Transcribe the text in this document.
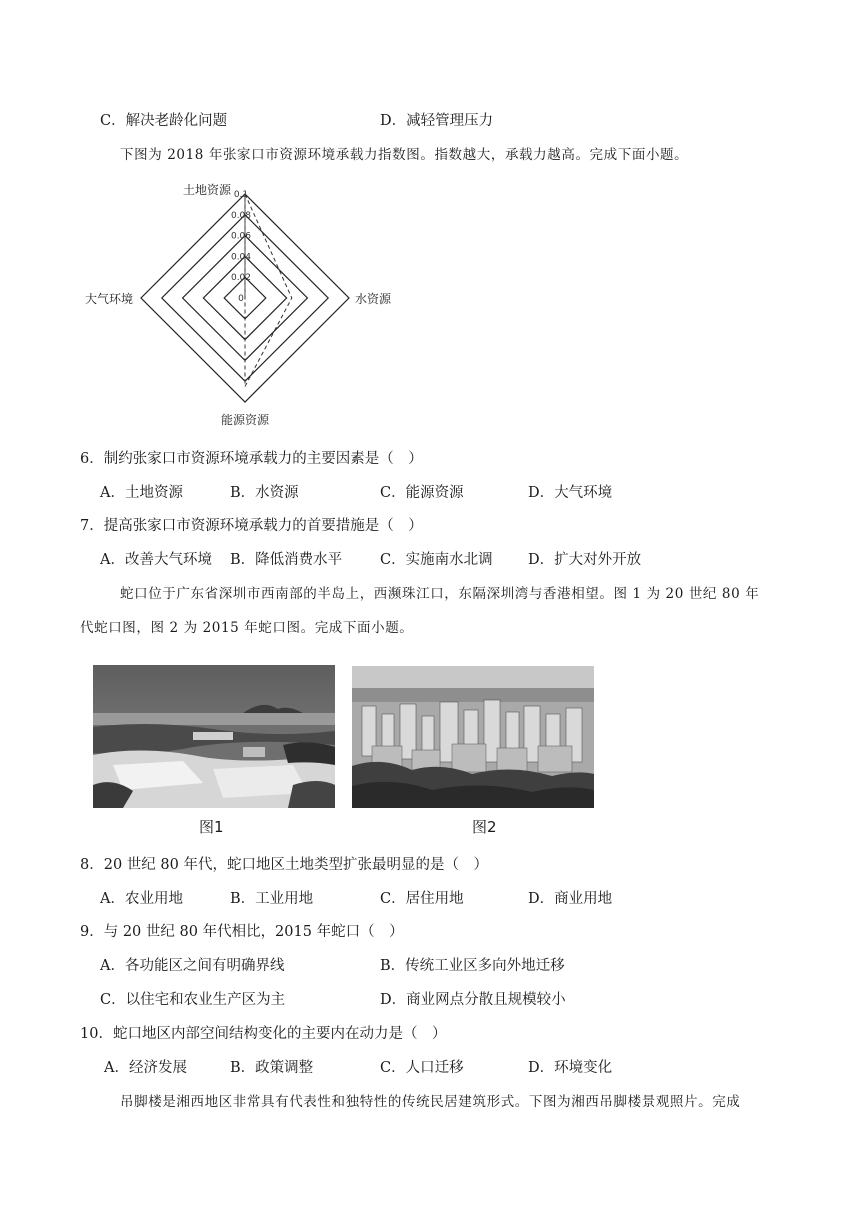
C．解决老龄化问题	D．减轻管理压力
下图为 2018 年张家口市资源环境承载力指数图。指数越大，承载力越高。完成下面小题。
0
0.02
0.04
0.06
0.08
0.1
土地资源
水资源
能源资源
大气环境
6．制约张家口市资源环境承载力的主要因素是（　）
A．土地资源	B．水资源	C．能源资源	D．大气环境
7．提高张家口市资源环境承载力的首要措施是（　）
A．改善大气环境 B．降低消费水平	C．实施南水北调 D．扩大对外开放
蛇口位于广东省深圳市西南部的半岛上，西濒珠江口，东隔深圳湾与香港相望。图 1 为 20 世纪 80 年
代蛇口图，图 2 为 2015 年蛇口图。完成下面小题。
图1	图2
8．20 世纪 80 年代，蛇口地区土地类型扩张最明显的是（　）
A．农业用地	B．工业用地	C．居住用地	D．商业用地
9．与 20 世纪 80 年代相比，2015 年蛇口（　）
A．各功能区之间有明确界线	B．传统工业区多向外地迁移
C．以住宅和农业生产区为主	D．商业网点分散且规模较小
10．蛇口地区内部空间结构变化的主要内在动力是（　）
A．经济发展	B．政策调整	C．人口迁移	D．环境变化
吊脚楼是湘西地区非常具有代表性和独特性的传统民居建筑形式。下图为湘西吊脚楼景观照片。完成
